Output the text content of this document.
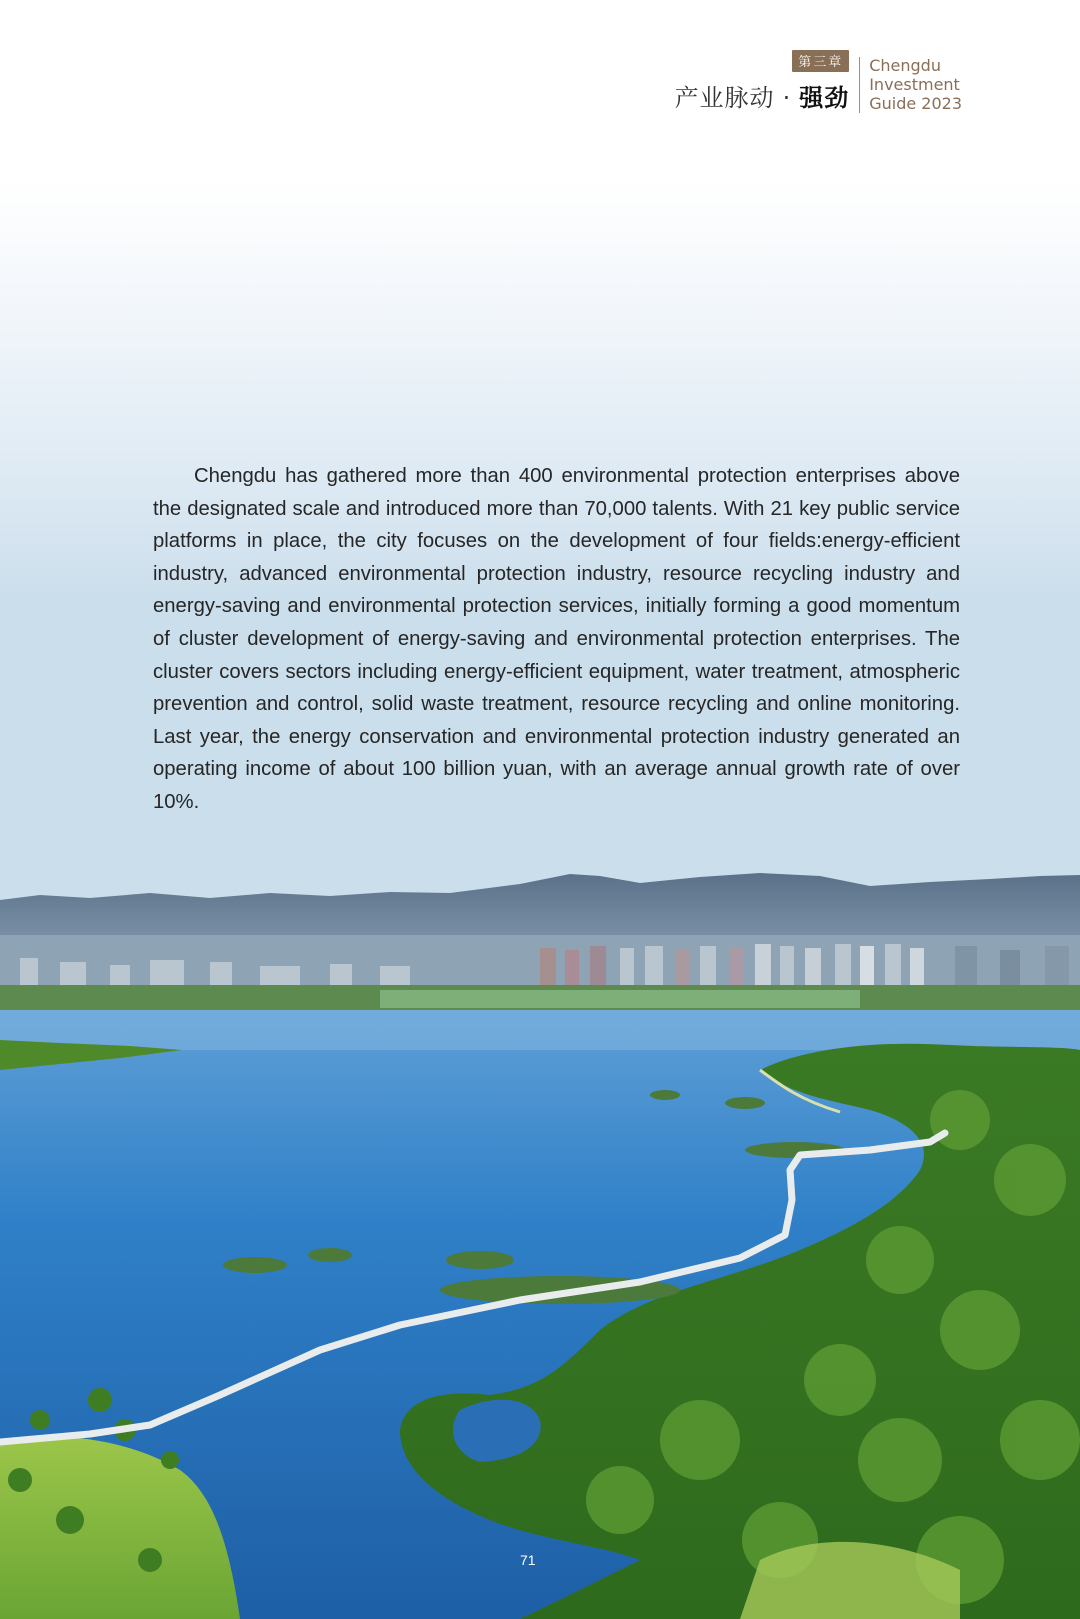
第三章
产业脉动 · 强劲
Chengdu
Investment
Guide 2023

Chengdu has gathered more than 400 environmental protection enterprises above the designated scale and introduced more than 70,000 talents. With 21 key public service platforms in place, the city focuses on the development of four fields:energy-efficient industry, advanced environmental protection industry, resource recycling industry and energy-saving and environmental protection services, initially forming a good momentum of cluster development of energy-saving and environmental protection enterprises. The cluster covers sectors including energy-efficient equipment, water treatment, atmospheric prevention and control, solid waste treatment, resource recycling and online monitoring. Last year, the energy conservation and environmental protection industry generated an operating income of about 100 billion yuan, with an average annual growth rate of over 10%.

71
